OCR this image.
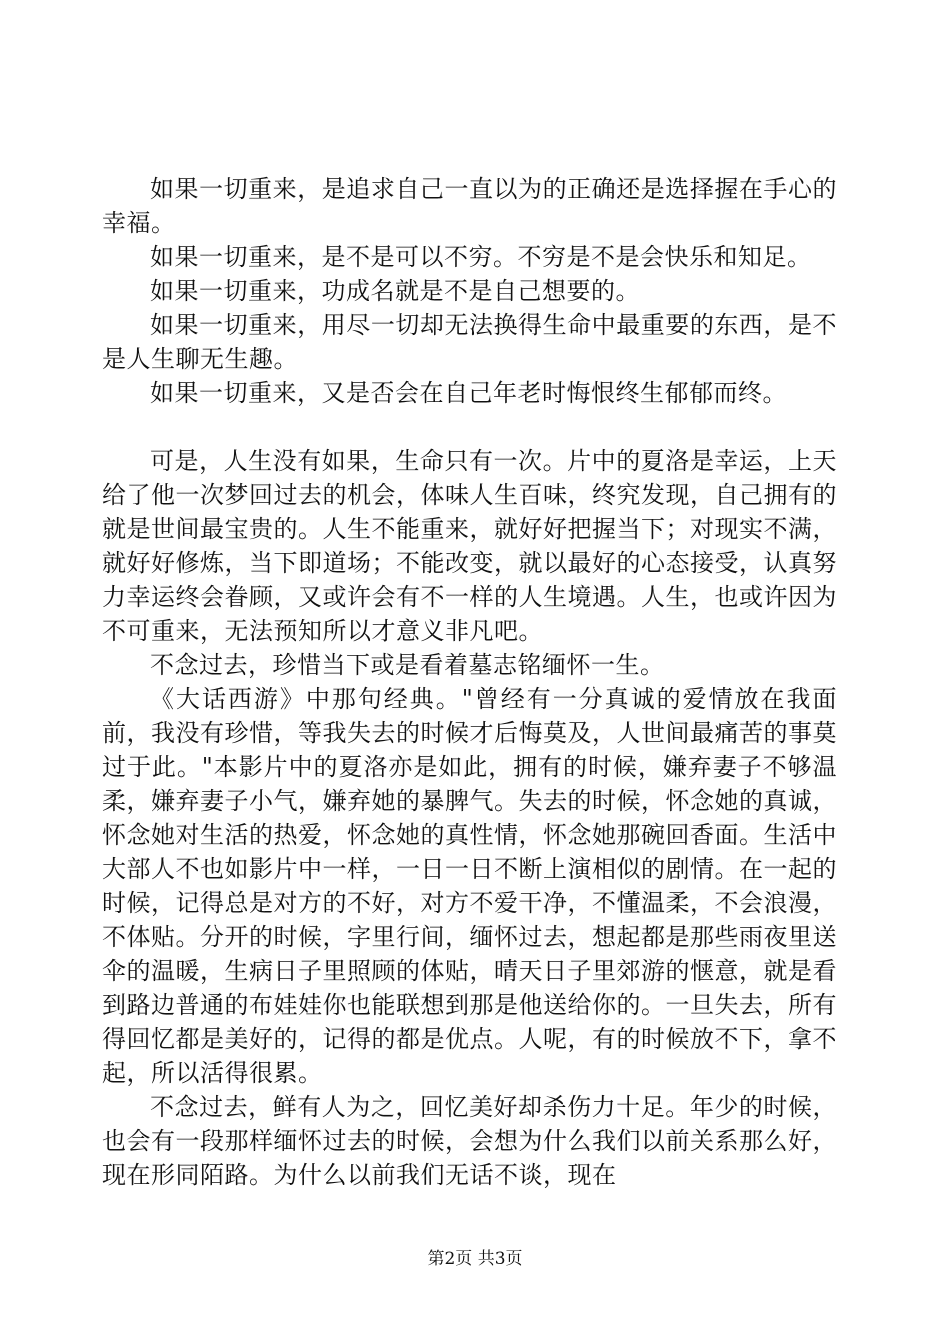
如果一切重来，是追求自己一直以为的正确还是选择握在手心的幸福。

如果一切重来，是不是可以不穷。不穷是不是会快乐和知足。

如果一切重来，功成名就是不是自己想要的。

如果一切重来，用尽一切却无法换得生命中最重要的东西，是不是人生聊无生趣。

如果一切重来，又是否会在自己年老时悔恨终生郁郁而终。

可是，人生没有如果，生命只有一次。片中的夏洛是幸运，上天给了他一次梦回过去的机会，体味人生百味，终究发现，自己拥有的就是世间最宝贵的。人生不能重来，就好好把握当下；对现实不满，就好好修炼，当下即道场；不能改变，就以最好的心态接受，认真努力幸运终会眷顾，又或许会有不一样的人生境遇。人生，也或许因为不可重来，无法预知所以才意义非凡吧。

不念过去，珍惜当下或是看着墓志铭缅怀一生。

《大话西游》中那句经典。"曾经有一分真诚的爱情放在我面前，我没有珍惜，等我失去的时候才后悔莫及，人世间最痛苦的事莫过于此。"本影片中的夏洛亦是如此，拥有的时候，嫌弃妻子不够温柔，嫌弃妻子小气，嫌弃她的暴脾气。失去的时候，怀念她的真诚，怀念她对生活的热爱，怀念她的真性情，怀念她那碗回香面。生活中大部人不也如影片中一样，一日一日不断上演相似的剧情。在一起的时候，记得总是对方的不好，对方不爱干净，不懂温柔，不会浪漫，不体贴。分开的时候，字里行间，缅怀过去，想起都是那些雨夜里送伞的温暖，生病日子里照顾的体贴，晴天日子里郊游的惬意，就是看到路边普通的布娃娃你也能联想到那是他送给你的。一旦失去，所有得回忆都是美好的，记得的都是优点。人呢，有的时候放不下，拿不起，所以活得很累。

不念过去，鲜有人为之，回忆美好却杀伤力十足。年少的时候，也会有一段那样缅怀过去的时候，会想为什么我们以前关系那么好，现在形同陌路。为什么以前我们无话不谈，现在

第2页 共3页
